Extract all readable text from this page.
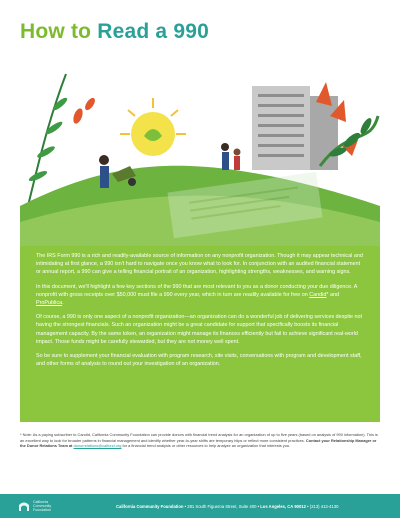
How to Read a 990

The IRS Form 990 is a rich and readily-available source of information on any nonprofit organization. Though it may appear technical and intimidating at first glance, a 990 isn't hard to navigate once you know what to look for. In conjunction with an audited financial statement or annual report, a 990 can give a telling financial portrait of an organization, highlighting strengths, weaknesses, and warning signs.

In this document, we'll highlight a few key sections of the 990 that are most relevant to you as a donor conducting your due diligence. A nonprofit with gross receipts over $50,000 must file a 990 every year, which in turn are readily available for free on Candid* and ProPublica.

Of course, a 990 is only one aspect of a nonprofit organization—an organization can do a wonderful job of delivering services despite not having the strongest financials. Such an organization might be a great candidate for support that specifically boosts its financial management capacity. By the same token, an organization might manage its finances efficiently but fail to achieve significant real-world impact. Those funds might be carefully stewarded, but they are not money well spent.

So be sure to supplement your financial evaluation with program research, site visits, conversations with program and development staff, and other forms of analysis to round out your investigation of an organization.

* Note: As a paying subscriber to Candid, California Community Foundation can provide donors with financial trend analysis for an organization of up to five years (based on analysis of 990 information). This is an excellent way to look for broader patterns in financial management and identify whether year-to-year shifts are temporary blips or reflect more consistent practices. Contact your Relationship Manager or the Donor Relations Team at donorrelations@calfund.org for a financial trend analysis or other resources to help analyze an organization that interests you.
California
Community
Foundation
California Community Foundation • 281 South Figueroa Street, Suite 400 • Los Angeles, CA 90012 • (213) 413-4130
